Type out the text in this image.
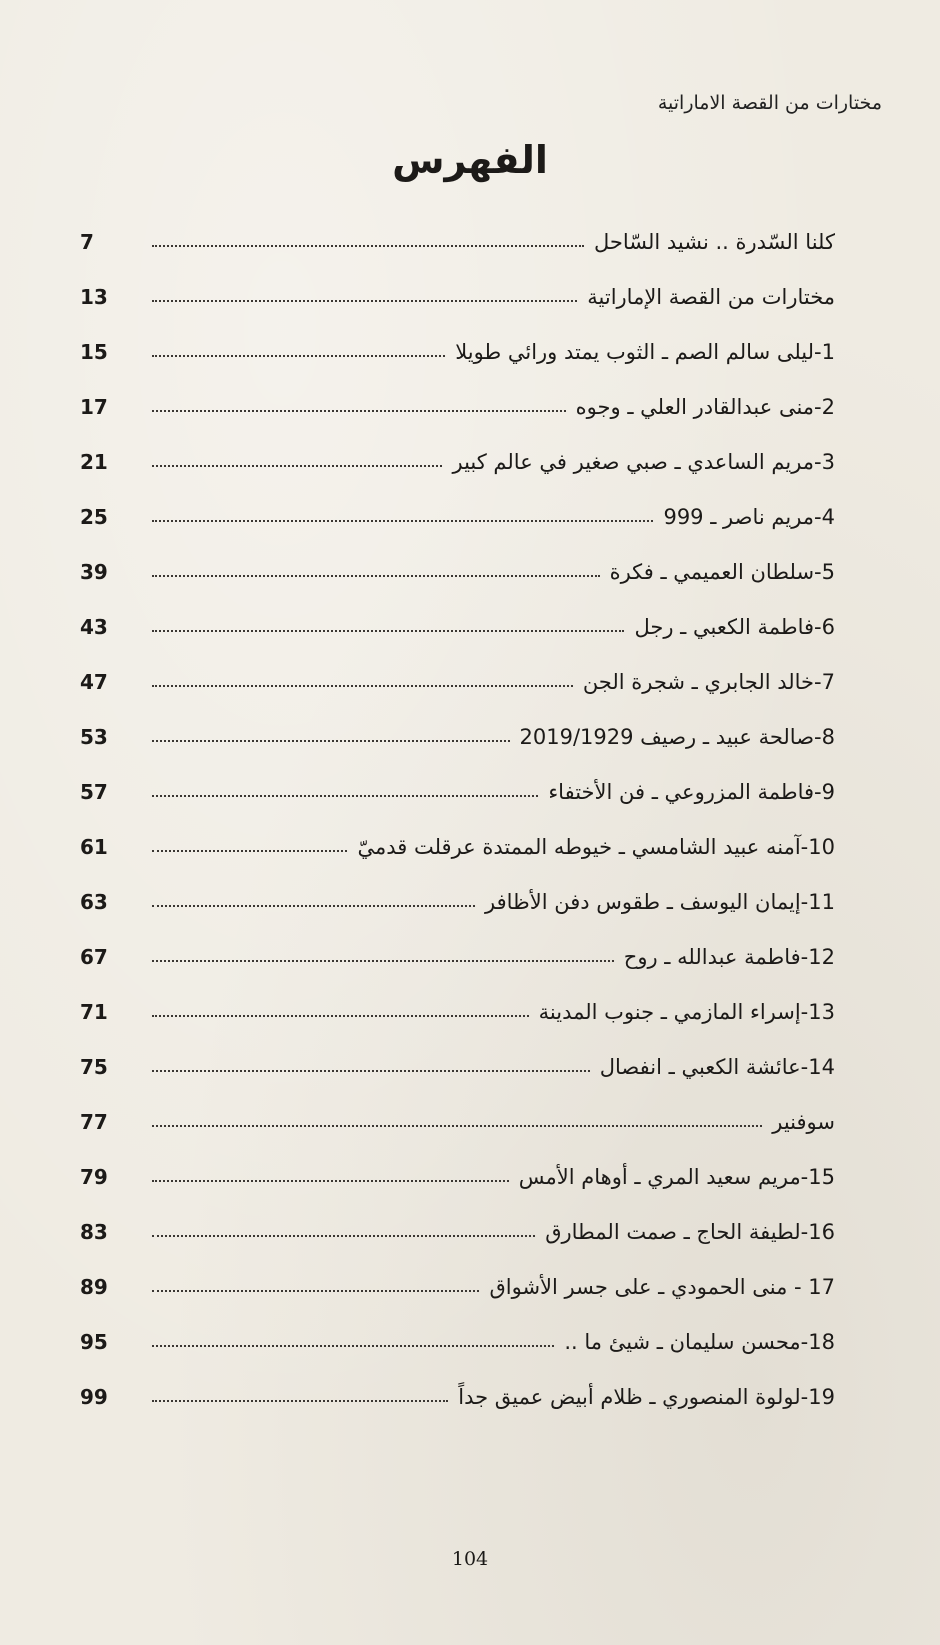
مختارات من القصة الاماراتية
الفهرس
7	كلنا السّدرة .. نشيد السّاحل
13	مختارات من القصة الإماراتية
15	1-ليلى سالم الصم ـ الثوب يمتد ورائي طويلا
17	2-منى عبدالقادر العلي ـ وجوه
21	3-مريم الساعدي ـ صبي صغير في عالم كبير
25	4-مريم ناصر ـ 999
39	5-سلطان العميمي ـ فكرة
43	6-فاطمة الكعبي ـ رجل
47	7-خالد الجابري ـ شجرة الجن
53	8-صالحة عبيد ـ رصيف 2019/1929
57	9-فاطمة المزروعي ـ فن الأختفاء
61	10-آمنه عبيد الشامسي ـ خيوطه الممتدة عرقلت قدميّ
63	11-إيمان اليوسف ـ طقوس دفن الأظافر
67	12-فاطمة عبدالله ـ روح
71	13-إسراء المازمي ـ جنوب المدينة
75	14-عائشة الكعبي ـ انفصال
77	سوفنير
79	15-مريم سعيد المري ـ أوهام الأمس
83	16-لطيفة الحاج ـ صمت المطارق
89	17 - منى الحمودي ـ على جسر الأشواق
95	18-محسن سليمان ـ شيئ ما ..
99	19-لولوة المنصوري ـ ظلام أبيض عميق جداً
104
